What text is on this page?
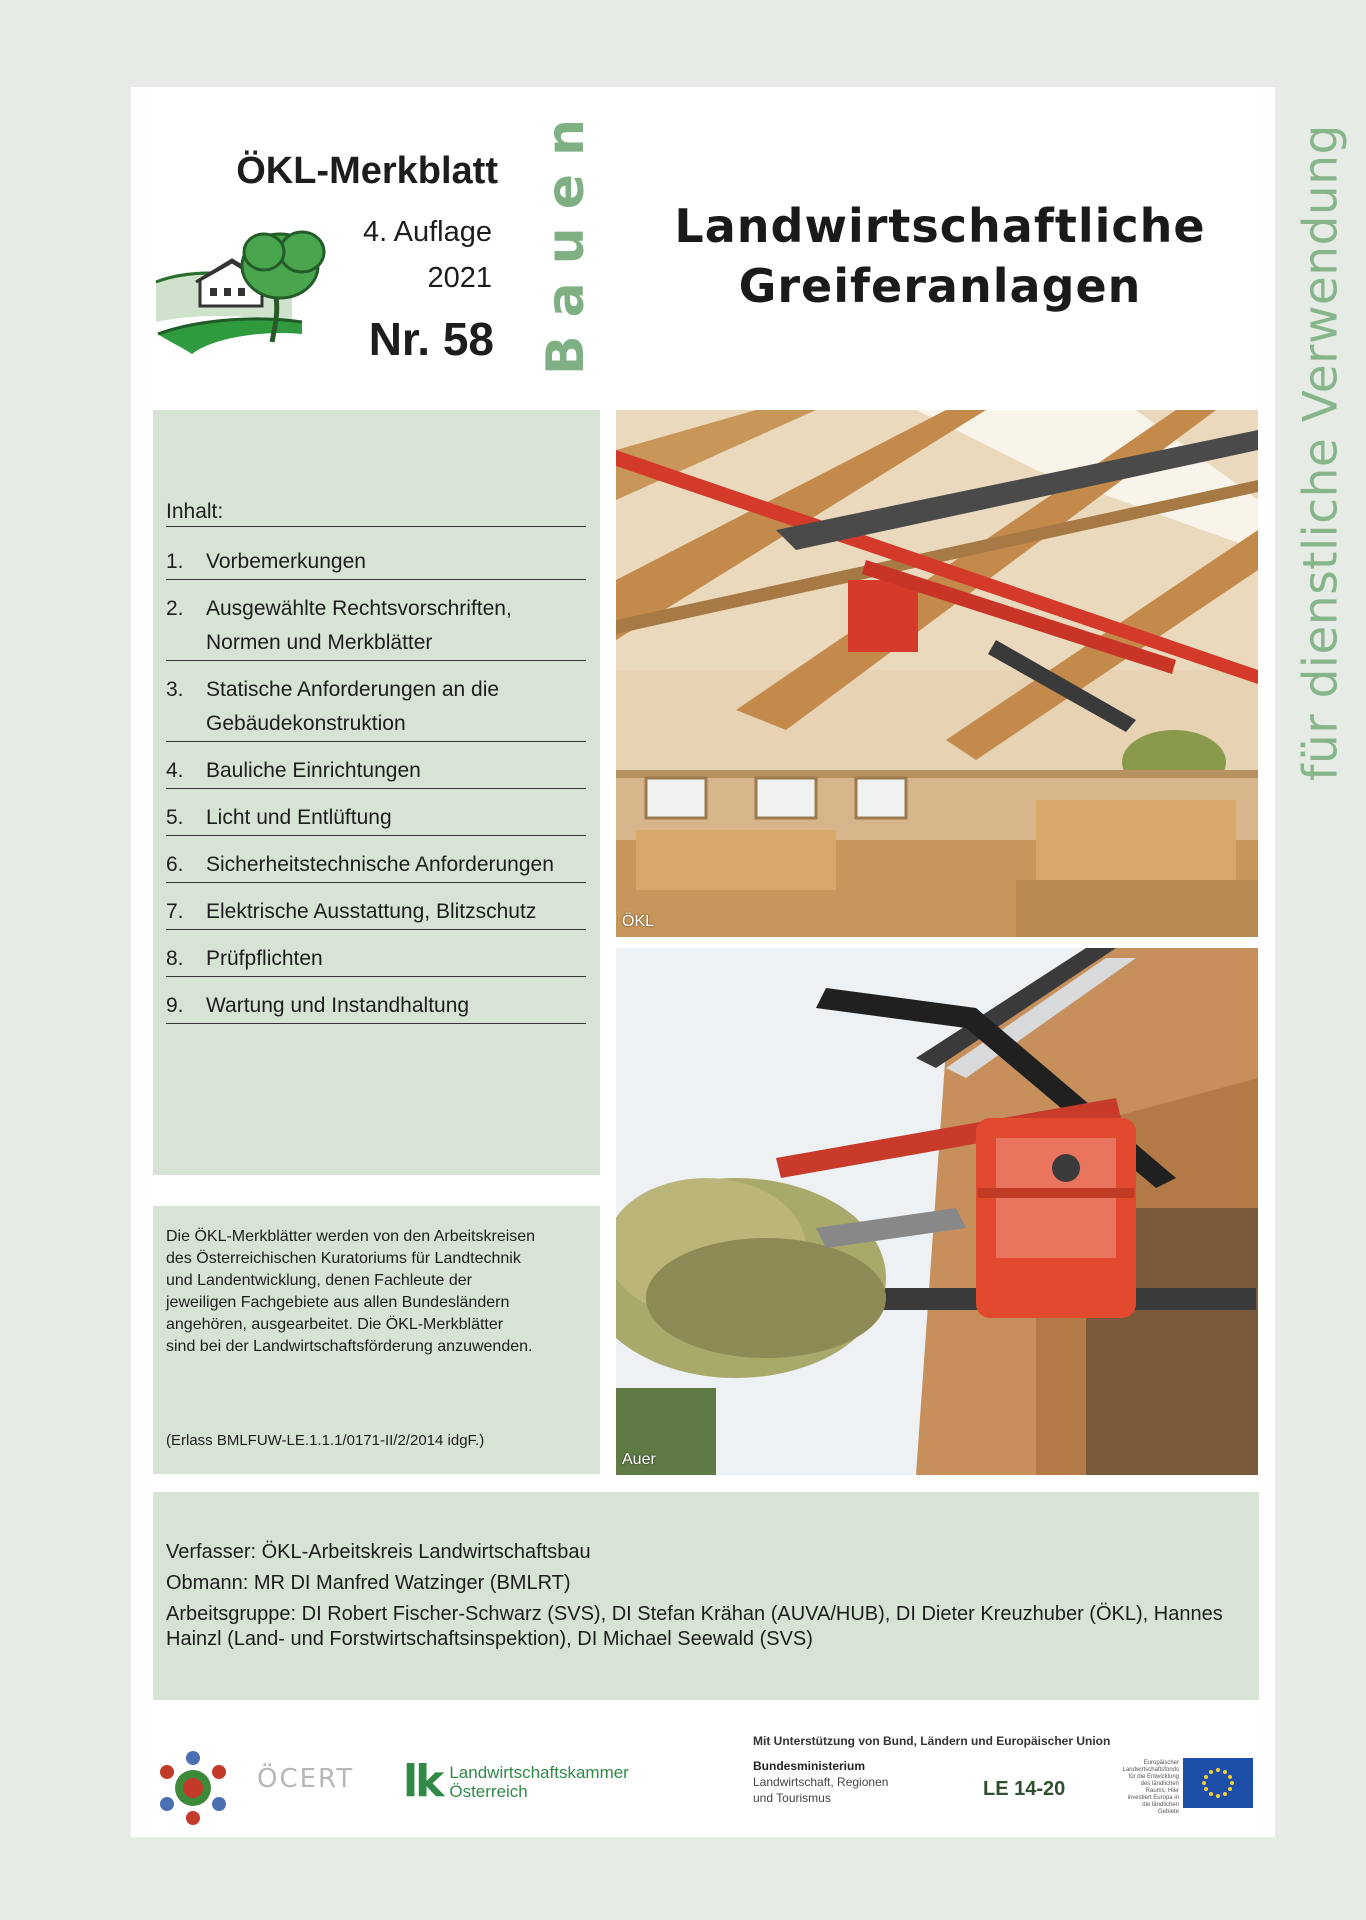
für dienstliche Verwendung
Bauen
ÖKL-Merkblatt
4. Auflage
2021
Nr. 58
Landwirtschaftliche
Greiferanlagen
Inhalt:
1.	Vorbemerkungen
2.	Ausgewählte Rechtsvorschriften, Normen und Merkblätter
3.	Statische Anforderungen an die Gebäudekonstruktion
4.	Bauliche Einrichtungen
5.	Licht und Entlüftung
6.	Sicherheitstechnische Anforderungen
7.	Elektrische Ausstattung, Blitzschutz
8.	Prüfpflichten
9.	Wartung und Instandhaltung
Die ÖKL-Merkblätter werden von den Arbeitskreisen des Österreichischen Kuratoriums für Landtechnik und Landentwicklung, denen Fachleute der jeweiligen Fachgebiete aus allen Bundesländern angehören, ausgearbeitet. Die ÖKL-Merkblätter sind bei der Landwirtschaftsförderung anzuwenden.
(Erlass BMLFUW-LE.1.1.1/0171-II/2/2014 idgF.)
ÖKL
Auer
Verfasser: ÖKL-Arbeitskreis Landwirtschaftsbau
Obmann: MR DI Manfred Watzinger (BMLRT)
Arbeitsgruppe: DI Robert Fischer-Schwarz (SVS), DI Stefan Krähan (AUVA/HUB), DI Dieter Kreuzhuber (ÖKL), Hannes Hainzl (Land- und Forstwirtschaftsinspektion), DI Michael Seewald (SVS)
ÖCERT lk Landwirtschaftskammer
Österreich
Mit Unterstützung von Bund, Ländern und Europäischer Union
Bundesministerium
Landwirtschaft, Regionen
und Tourismus	LE 14-20
Europäischer Landwirtschaftsfonds für die Entwicklung des ländlichen Raums: Hier investiert Europa in die ländlichen Gebiete
